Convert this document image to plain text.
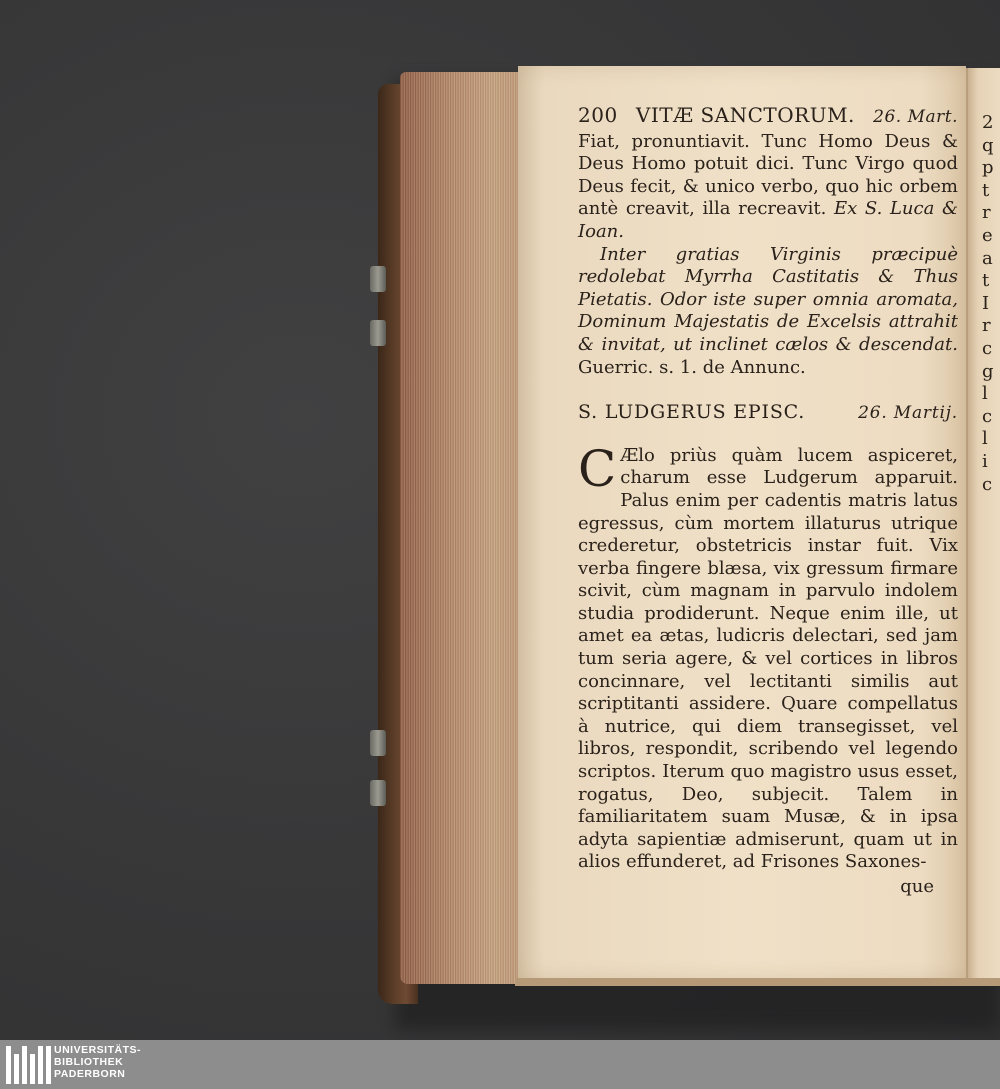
200 VITÆ SANCTORUM. 26. Mart.

Fiat, pronuntiavit. Tunc Homo Deus & Deus Homo potuit dici. Tunc Virgo quod Deus fecit, & unico verbo, quo hic orbem antè creavit, illa recreavit. Ex S. Luca & Ioan.

Inter gratias Virginis præcipuè redolebat Myrrha Castitatis & Thus Pietatis. Odor iste super omnia aromata, Dominum Majestatis de Excelsis attrahit & invitat, ut inclinet cælos & descendat. Guerric. s. 1. de Annunc.

S. LUDGERUS EPISC.	26. Martij.

C Ælo priùs quàm lucem aspiceret, charum esse Ludgerum apparuit. Palus enim per cadentis matris latus egressus, cùm mortem illaturus utrique crederetur, obstetricis instar fuit. Vix verba fingere blæsa, vix gressum firmare scivit, cùm magnam in parvulo indolem studia prodiderunt. Neque enim ille, ut amet ea ætas, ludicris delectari, sed jam tum seria agere, & vel cortices in libros concinnare, vel lectitanti similis aut scriptitanti assidere. Quare compellatus à nutrice, qui diem transegisset, vel libros, respondit, scribendo vel legendo scriptos. Iterum quo magistro usus esset, rogatus, Deo, subjecit. Talem in familiaritatem suam Musæ, & in ipsa adyta sapientiæ admiserunt, quam ut in alios effunderet, ad Frisones Saxones-

que
2
q
p
t
r
e
a
t
I
r
c
g
l
c
l
i
c
UNIVERSITÄTS-
BIBLIOTHEK
PADERBORN
